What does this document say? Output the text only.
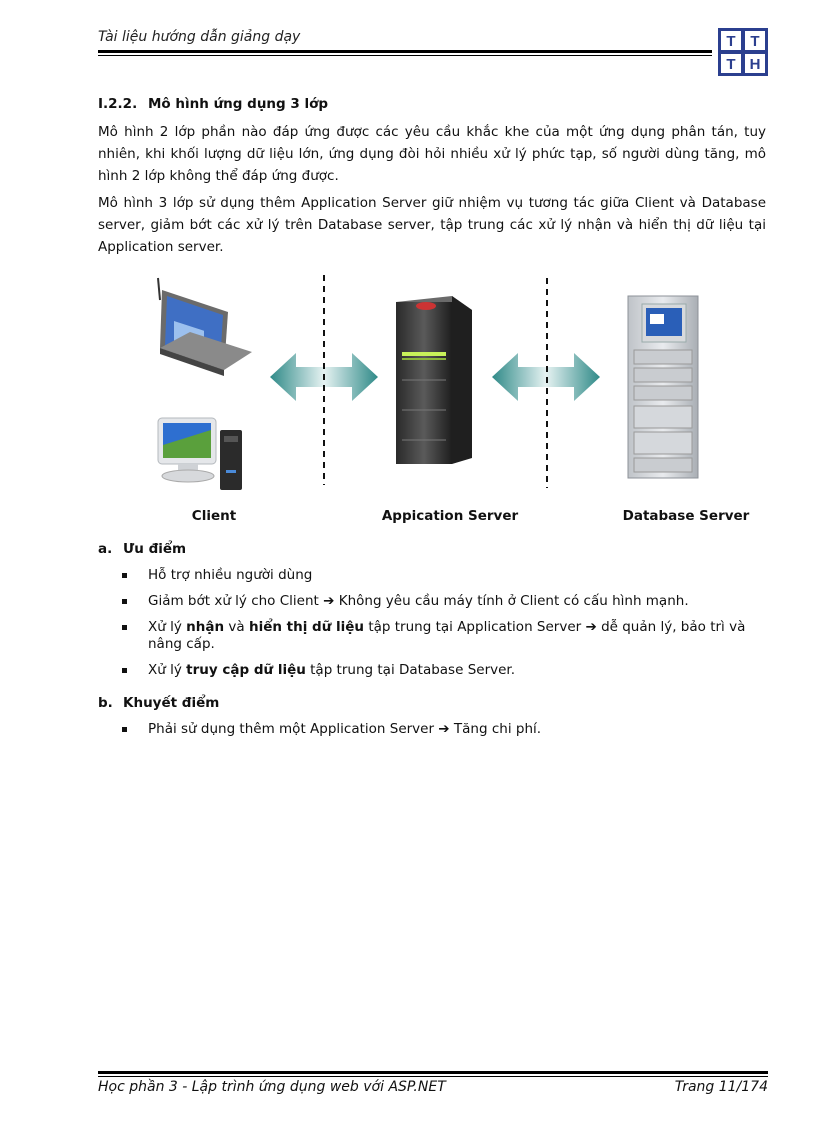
Tài liệu hướng dẫn giảng dạy	T T
T H
I.2.2. Mô hình ứng dụng 3 lớp
Mô hình 2 lớp phần nào đáp ứng được các yêu cầu khắc khe của một ứng dụng phân tán, tuy nhiên, khi khối lượng dữ liệu lớn, ứng dụng đòi hỏi nhiều xử lý phức tạp, số người dùng tăng, mô hình 2 lớp không thể đáp ứng được.
Mô hình 3 lớp sử dụng thêm Application Server giữ nhiệm vụ tương tác giữa Client và Database server, giảm bớt các xử lý trên Database server, tập trung các xử lý nhận và hiển thị dữ liệu tại Application server.
Client	Appication Server	Database Server
a. Ưu điểm
Hỗ trợ nhiều người dùng
Giảm bớt xử lý cho Client ➔ Không yêu cầu máy tính ở Client có cấu hình mạnh.
Xử lý nhận và hiển thị dữ liệu tập trung tại Application Server ➔ dễ quản lý, bảo trì và nâng cấp.
Xử lý truy cập dữ liệu tập trung tại Database Server.
b. Khuyết điểm
Phải sử dụng thêm một Application Server ➔ Tăng chi phí.
Học phần 3 - Lập trình ứng dụng web với ASP.NET	Trang 11/174
